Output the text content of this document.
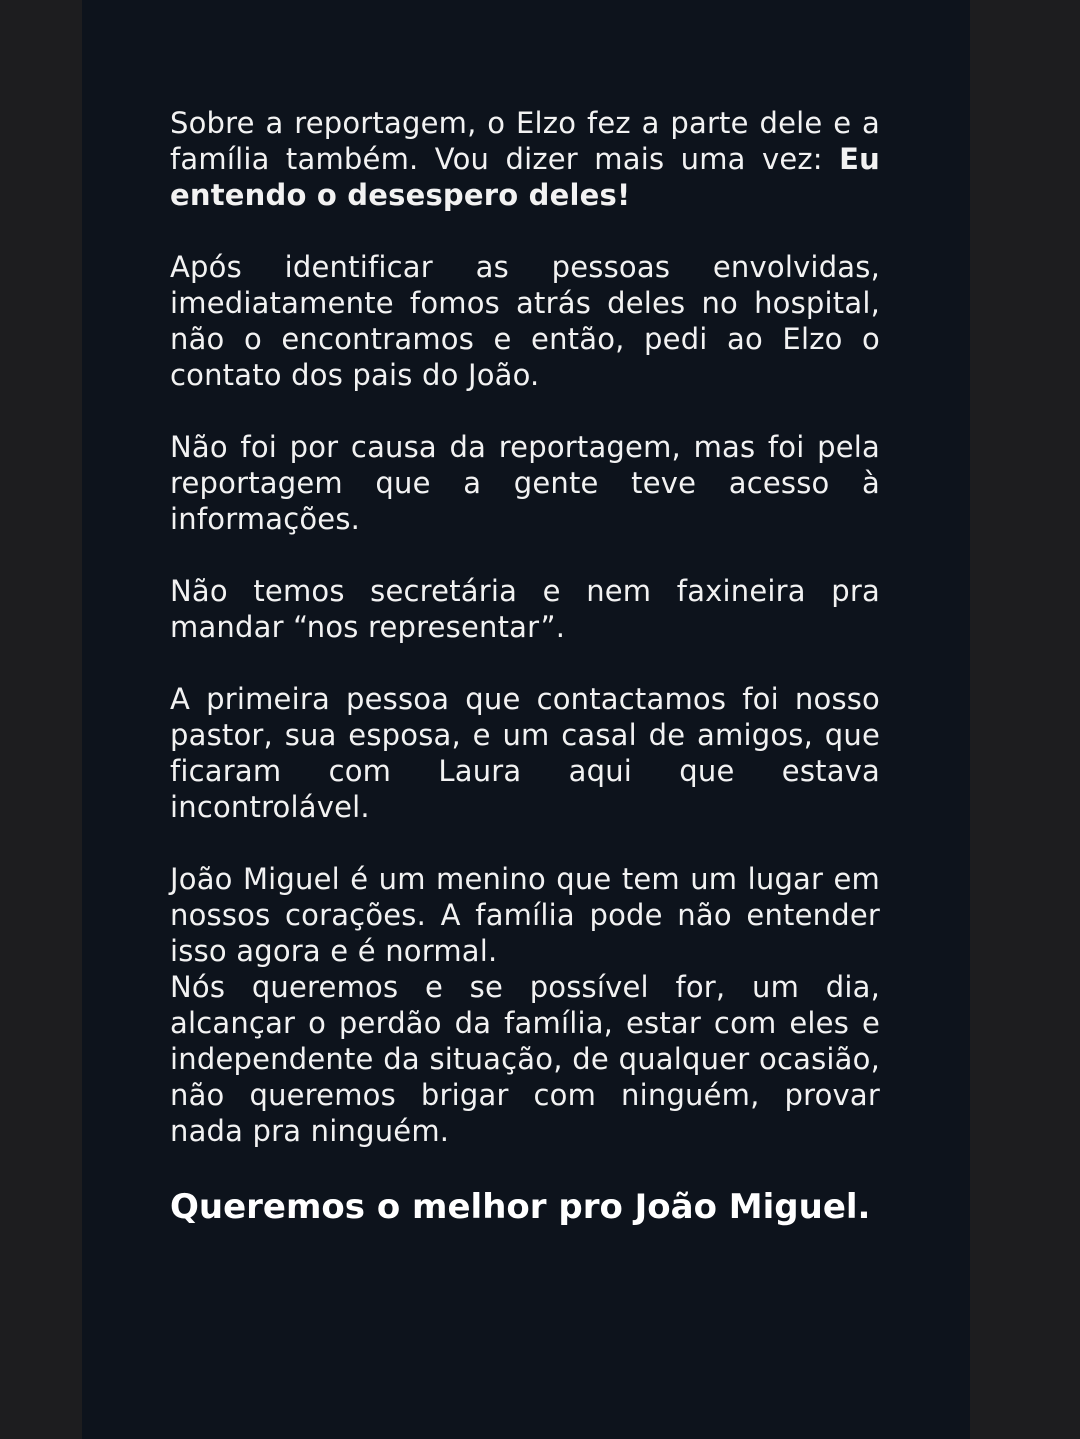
Sobre a reportagem, o Elzo fez a parte dele e a família também. Vou dizer mais uma vez: Eu entendo o desespero deles!

Após identificar as pessoas envolvidas, imediatamente fomos atrás deles no hospital, não o encontramos e então, pedi ao Elzo o contato dos pais do João.

Não foi por causa da reportagem, mas foi pela reportagem que a gente teve acesso à informações.

Não temos secretária e nem faxineira pra mandar “nos representar”.

A primeira pessoa que contactamos foi nosso pastor, sua esposa, e um casal de amigos, que ficaram com Laura aqui que estava incontrolável.

João Miguel é um menino que tem um lugar em nossos corações. A família pode não entender isso agora e é normal.

Nós queremos e se possível for, um dia, alcançar o perdão da família, estar com eles e independente da situação, de qualquer ocasião, não queremos brigar com ninguém, provar nada pra ninguém.

Queremos o melhor pro João Miguel.
